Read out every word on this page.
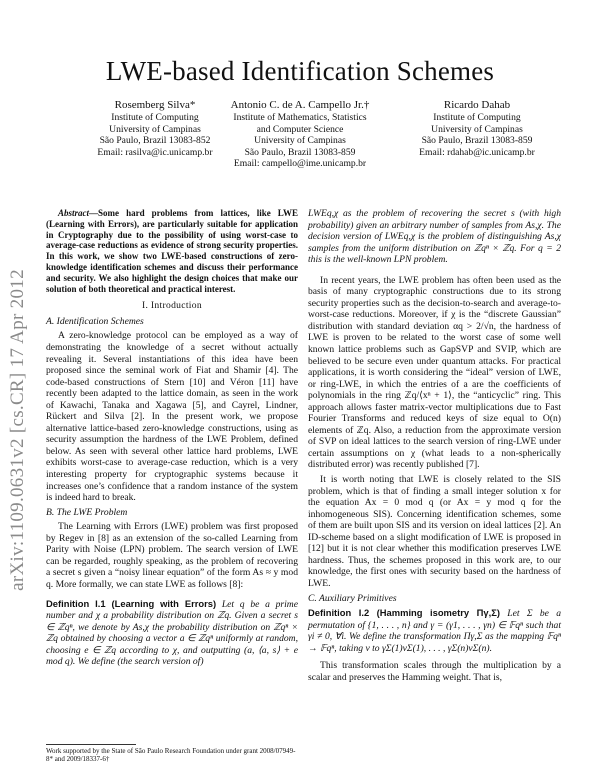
arXiv:1109.0631v2 [cs.CR] 17 Apr 2012
LWE-based Identification Schemes
Rosemberg Silva*
Institute of Computing
University of Campinas
São Paulo, Brazil 13083-852
Email: rasilva@ic.unicamp.br
Antonio C. de A. Campello Jr.†
Institute of Mathematics, Statistics
and Computer Science
University of Campinas
São Paulo, Brazil 13083-859
Email: campello@ime.unicamp.br
Ricardo Dahab
Institute of Computing
University of Campinas
São Paulo, Brazil 13083-859
Email: rdahab@ic.unicamp.br

Abstract—Some hard problems from lattices, like LWE (Learning with Errors), are particularly suitable for application in Cryptography due to the possibility of using worst-case to average-case reductions as evidence of strong security properties. In this work, we show two LWE-based constructions of zero-knowledge identification schemes and discuss their performance and security. We also highlight the design choices that make our solution of both theoretical and practical interest.

I. Introduction
A. Identification Schemes

A zero-knowledge protocol can be employed as a way of demonstrating the knowledge of a secret without actually revealing it. Several instantiations of this idea have been proposed since the seminal work of Fiat and Shamir [4]. The code-based constructions of Stern [10] and Véron [11] have recently been adapted to the lattice domain, as seen in the work of Kawachi, Tanaka and Xagawa [5], and Cayrel, Lindner, Rückert and Silva [2]. In the present work, we propose alternative lattice-based zero-knowledge constructions, using as security assumption the hardness of the LWE Problem, defined below. As seen with several other lattice hard problems, LWE exhibits worst-case to average-case reduction, which is a very interesting property for cryptographic systems because it increases one’s confidence that a random instance of the system is indeed hard to break.

B. The LWE Problem

The Learning with Errors (LWE) problem was first proposed by Regev in [8] as an extension of the so-called Learning from Parity with Noise (LPN) problem. The search version of LWE can be regarded, roughly speaking, as the problem of recovering a secret s given a “noisy linear equation” of the form As ≈ y mod q. More formally, we can state LWE as follows [8]:

Definition I.1 (Learning with Errors) Let q be a prime number and χ a probability distribution on ℤq. Given a secret s ∈ ℤqⁿ, we denote by As,χ the probability distribution on ℤqⁿ × ℤq obtained by choosing a vector a ∈ ℤqⁿ uniformly at random, choosing e ∈ ℤq according to χ, and outputting (a, ⟨a, s⟩ + e mod q). We define (the search version of)

LWEq,χ as the problem of recovering the secret s (with high probability) given an arbitrary number of samples from As,χ. The decision version of LWEq,χ is the problem of distinguishing As,χ samples from the uniform distribution on ℤqⁿ × ℤq. For q = 2 this is the well-known LPN problem.

In recent years, the LWE problem has often been used as the basis of many cryptographic constructions due to its strong security properties such as the decision-to-search and average-to-worst-case reductions. Moreover, if χ is the “discrete Gaussian” distribution with standard deviation αq > 2/√n, the hardness of LWE is proven to be related to the worst case of some well known lattice problems such as GapSVP and SVIP, which are believed to be secure even under quantum attacks. For practical applications, it is worth considering the “ideal” version of LWE, or ring-LWE, in which the entries of a are the coefficients of polynomials in the ring ℤq/⟨xⁿ + 1⟩, the “anticyclic” ring. This approach allows faster matrix-vector multiplications due to Fast Fourier Transforms and reduced keys of size equal to O(n) elements of ℤq. Also, a reduction from the approximate version of SVP on ideal lattices to the search version of ring-LWE under certain assumptions on χ (what leads to a non-spherically distributed error) was recently published [7].

It is worth noting that LWE is closely related to the SIS problem, which is that of finding a small integer solution x for the equation Ax = 0 mod q (or Ax = y mod q for the inhomogeneous SIS). Concerning identification schemes, some of them are built upon SIS and its version on ideal lattices [2]. An ID-scheme based on a slight modification of LWE is proposed in [12] but it is not clear whether this modification preserves LWE hardness. Thus, the schemes proposed in this work are, to our knowledge, the first ones with security based on the hardness of LWE.

C. Auxiliary Primitives

Definition I.2 (Hamming isometry Πγ,Σ) Let Σ be a permutation of {1, . . . , n} and γ = (γ1, . . . , γn) ∈ 𝔽qⁿ such that γi ≠ 0, ∀i. We define the transformation Πγ,Σ as the mapping 𝔽qⁿ → 𝔽qⁿ, taking v to γΣ(1)vΣ(1), . . . , γΣ(n)vΣ(n).

This transformation scales through the multiplication by a scalar and preserves the Hamming weight. That is,

Work supported by the State of São Paulo Research Foundation under grant 2008/07949-8* and 2009/18337-6†
